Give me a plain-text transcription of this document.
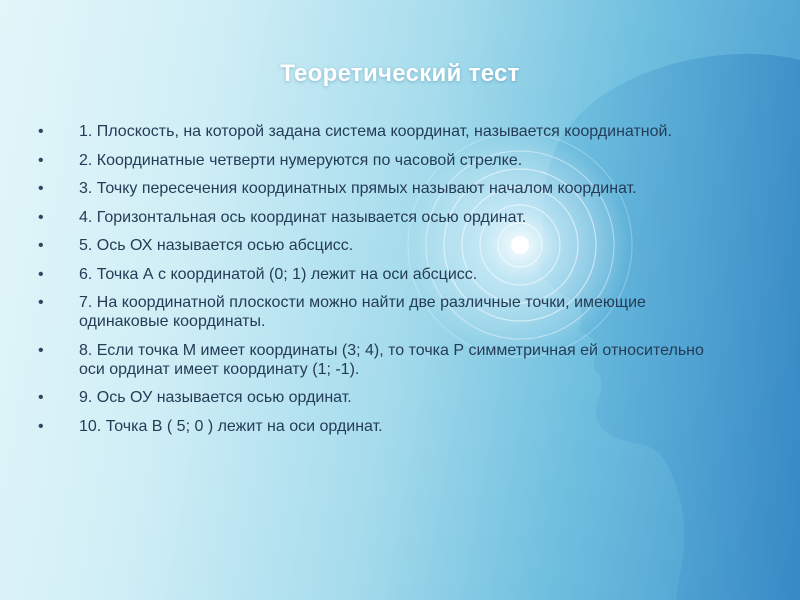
Теоретический тест
• 1. Плоскость, на которой задана система координат, называется координатной.
• 2. Координатные четверти нумеруются по часовой стрелке.
• 3. Точку пересечения координатных прямых называют началом координат.
• 4. Горизонтальная ось координат называется осью ординат.
• 5. Ось ОХ называется осью абсцисс.
• 6. Точка А с координатой (0; 1) лежит на оси абсцисс.
• 7. На координатной плоскости можно найти две различные точки, имеющие одинаковые координаты.
• 8. Если точка М имеет координаты (3; 4), то точка Р симметричная ей относительно оси ординат имеет координату (1; -1).
• 9. Ось ОУ называется осью ординат.
• 10. Точка В ( 5; 0 ) лежит на оси ординат.
